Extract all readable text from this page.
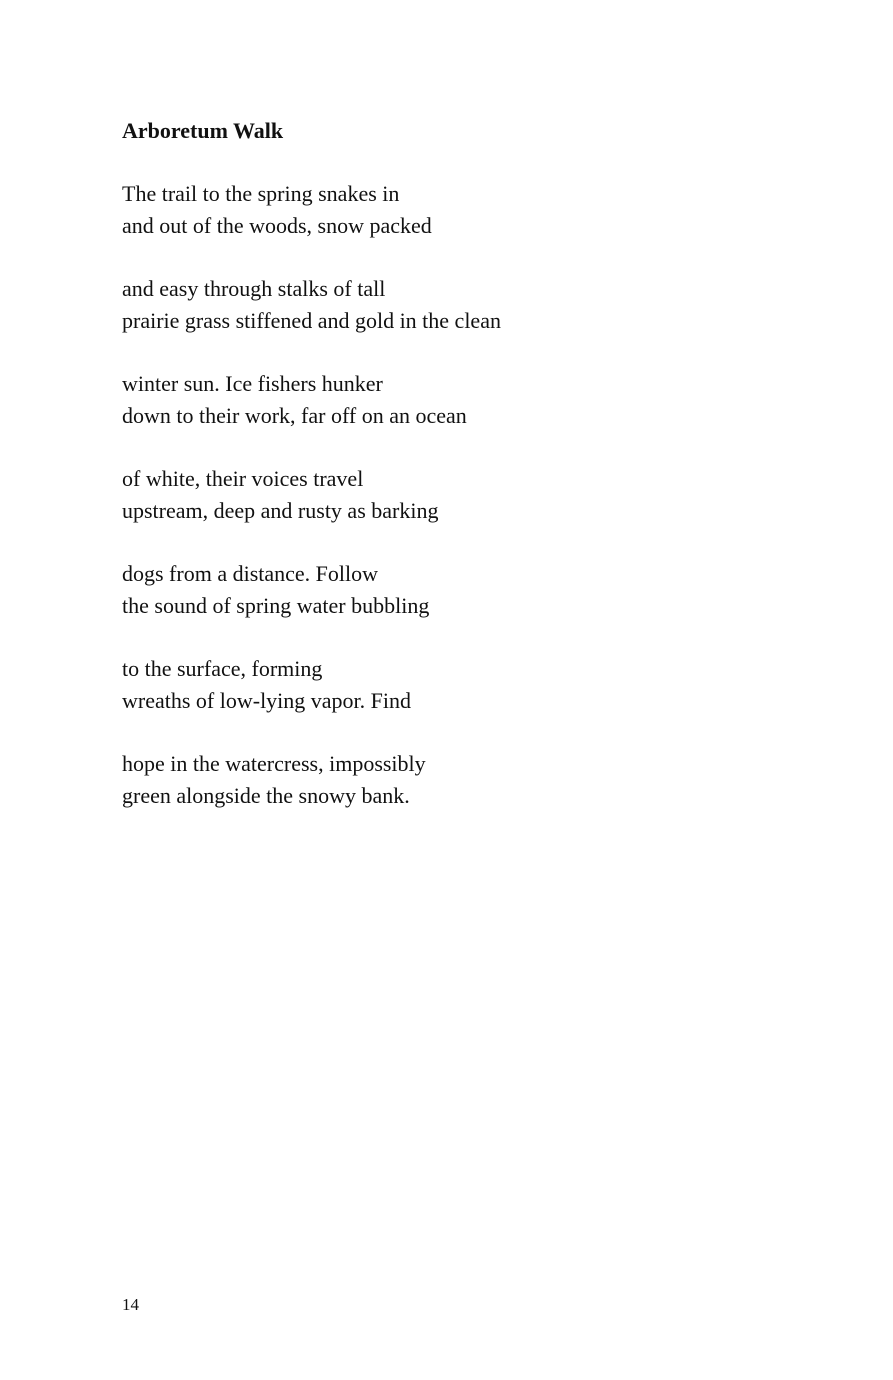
Arboretum Walk
The trail to the spring snakes in
and out of the woods, snow packed
and easy through stalks of tall
prairie grass stiffened and gold in the clean
winter sun. Ice fishers hunker
down to their work, far off on an ocean
of white, their voices travel
upstream, deep and rusty as barking
dogs from a distance. Follow
the sound of spring water bubbling
to the surface, forming
wreaths of low-lying vapor. Find
hope in the watercress, impossibly
green alongside the snowy bank.
14
